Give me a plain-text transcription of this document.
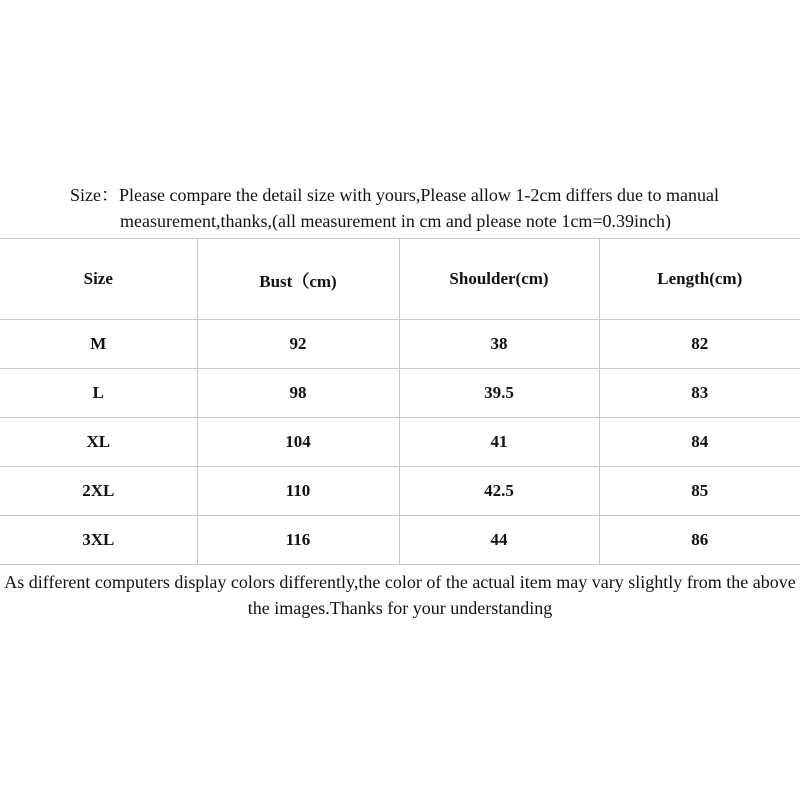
Size：Please compare the detail size with yours,Please allow 1-2cm differs due to manual
measurement,thanks,(all measurement in cm and please note 1cm=0.39inch)
Size	Bust（cm)	Shoulder(cm)	Length(cm)
M	92	38	82
L	98	39.5	83
XL	104	41	84
2XL	110	42.5	85
3XL	116	44	86
As different computers display colors differently,the color of the actual item may vary slightly from the above
the images.Thanks for your understanding
